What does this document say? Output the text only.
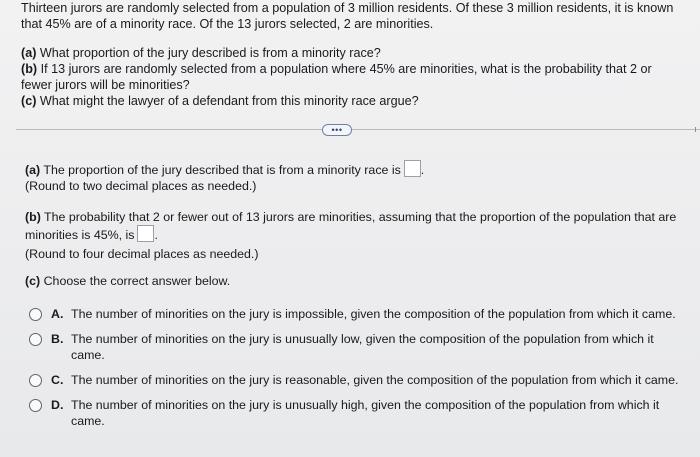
Thirteen jurors are randomly selected from a population of 3 million residents. Of these 3 million residents, it is known that 45% are of a minority race. Of the 13 jurors selected, 2 are minorities.

(a) What proportion of the jury described is from a minority race?

(b) If 13 jurors are randomly selected from a population where 45% are minorities, what is the probability that 2 or fewer jurors will be minorities?

(c) What might the lawyer of a defendant from this minority race argue?

•••

(a) The proportion of the jury described that is from a minority race is .

(Round to two decimal places as needed.)

(b) The probability that 2 or fewer out of 13 jurors are minorities, assuming that the proportion of the population that are minorities is 45%, is .

(Round to four decimal places as needed.)

(c) Choose the correct answer below.

A. The number of minorities on the jury is impossible, given the composition of the population from which it came.
B. The number of minorities on the jury is unusually low, given the composition of the population from which it came.
C. The number of minorities on the jury is reasonable, given the composition of the population from which it came.
D. The number of minorities on the jury is unusually high, given the composition of the population from which it came.
